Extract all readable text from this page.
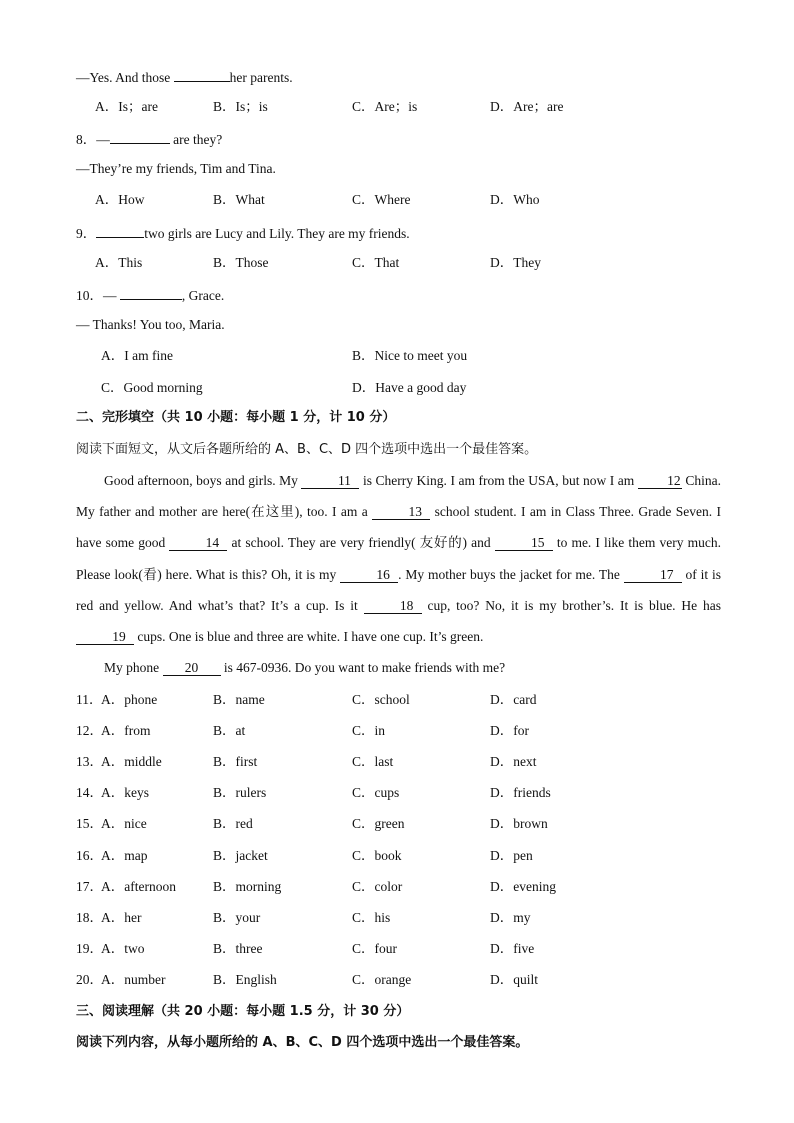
—Yes. And those	her parents.
A．Is；are	B．Is；is	C．Are；is	D．Are；are
8．—	are they?
—They’re my friends, Tim and Tina.
A．How	B．What	C．Where	D．Who
9．	two girls are Lucy and Lily. They are my friends.
A．This	B．Those	C．That	D．They
10．—	, Grace.
— Thanks! You too, Maria.
A．I am fine	B．Nice to meet you
C．Good morning	D．Have a good day
二、完形填空（共 10 小题：每小题 1 分，计 10 分）
阅读下面短文，从文后各题所给的 A、B、C、D 四个选项中选出一个最佳答案。
Good afternoon, boys and girls. My	11 is Cherry King. I am from the USA, but now I am 12 China. My father and mother are here(在这里), too. I am a	13 school student. I am in Class Three. Grade Seven. I have some good	14 at school. They are very friendly( 友好的) and	15 to me. I like them very much. Please look(看) here. What is this? Oh, it is my	16 . My mother buys the jacket for me. The	17 of it is red and yellow. And what’s that? It’s a cup. Is it	18 cup, too? No, it is my brother’s. It is blue. He has 19 cups. One is blue and three are white. I have one cup. It’s green.
My phone 20 is 467-0936. Do you want to make friends with me?
11．
A．phone	B．name	C．school	D．card
12．
A．from	B．at	C．in	D．for
13．
A．middle	B．first	C．last	D．next
14．
A．keys	B．rulers	C．cups	D．friends
15．
A．nice	B．red	C．green	D．brown
16．
A．map	B．jacket	C．book	D．pen
17．
A．afternoon	B．morning	C．color	D．evening
18．
A．her	B．your	C．his	D．my
19．
A．two	B．three	C．four	D．five
20．
A．number	B．English	C．orange	D．quilt
三、阅读理解（共 20 小题：每小题 1.5 分，计 30 分）
阅读下列内容，从每小题所给的 A、B、C、D 四个选项中选出一个最佳答案。
